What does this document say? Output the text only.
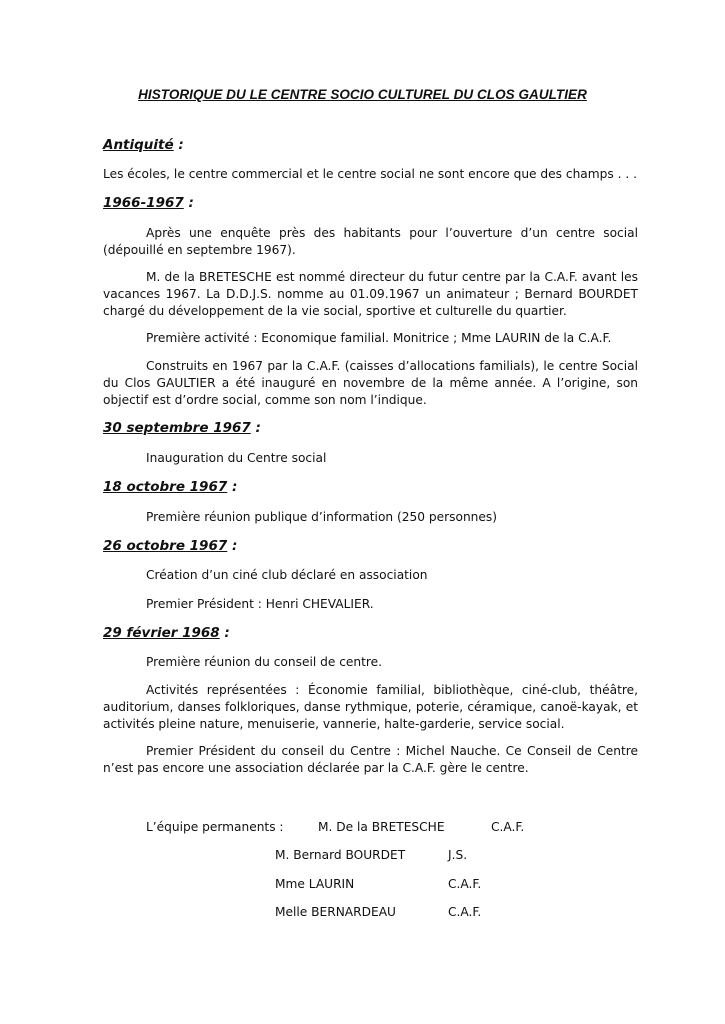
HISTORIQUE DU LE CENTRE SOCIO CULTUREL DU CLOS GAULTIER
Antiquité :

Les écoles, le centre commercial et le centre social ne sont encore que des champs . . .

1966-1967 :

Après une enquête près des habitants pour l’ouverture d’un centre social (dépouillé en septembre 1967).

M. de la BRETESCHE est nommé directeur du futur centre par la C.A.F. avant les vacances 1967. La D.D.J.S. nomme au 01.09.1967 un animateur ; Bernard BOURDET chargé du développement de la vie social, sportive et culturelle du quartier.

Première activité : Economique familial. Monitrice ; Mme LAURIN de la C.A.F.

Construits en 1967 par la C.A.F. (caisses d’allocations familials), le centre Social du Clos GAULTIER a été inauguré en novembre de la même année. A l’origine, son objectif est d’ordre social, comme son nom l’indique.

30 septembre 1967 :
Inauguration du Centre social
18 octobre 1967 :
Première réunion publique d’information (250 personnes)
26 octobre 1967 :
Création d’un ciné club déclaré en association
Premier Président : Henri CHEVALIER.
29 février 1968 :
Première réunion du conseil de centre.

Activités représentées : Économie familial, bibliothèque, ciné-club, théâtre, auditorium, danses folkloriques, danse rythmique, poterie, céramique, canoë-kayak, et activités pleine nature, menuiserie, vannerie, halte-garderie, service social.

Premier Président du conseil du Centre : Michel Nauche. Ce Conseil de Centre n’est pas encore une association déclarée par la C.A.F. gère le centre.

L’équipe permanents :	M. De la BRETESCHE	C.A.F.
M. Bernard BOURDET	J.S.
Mme LAURIN	C.A.F.
Melle BERNARDEAU	C.A.F.
